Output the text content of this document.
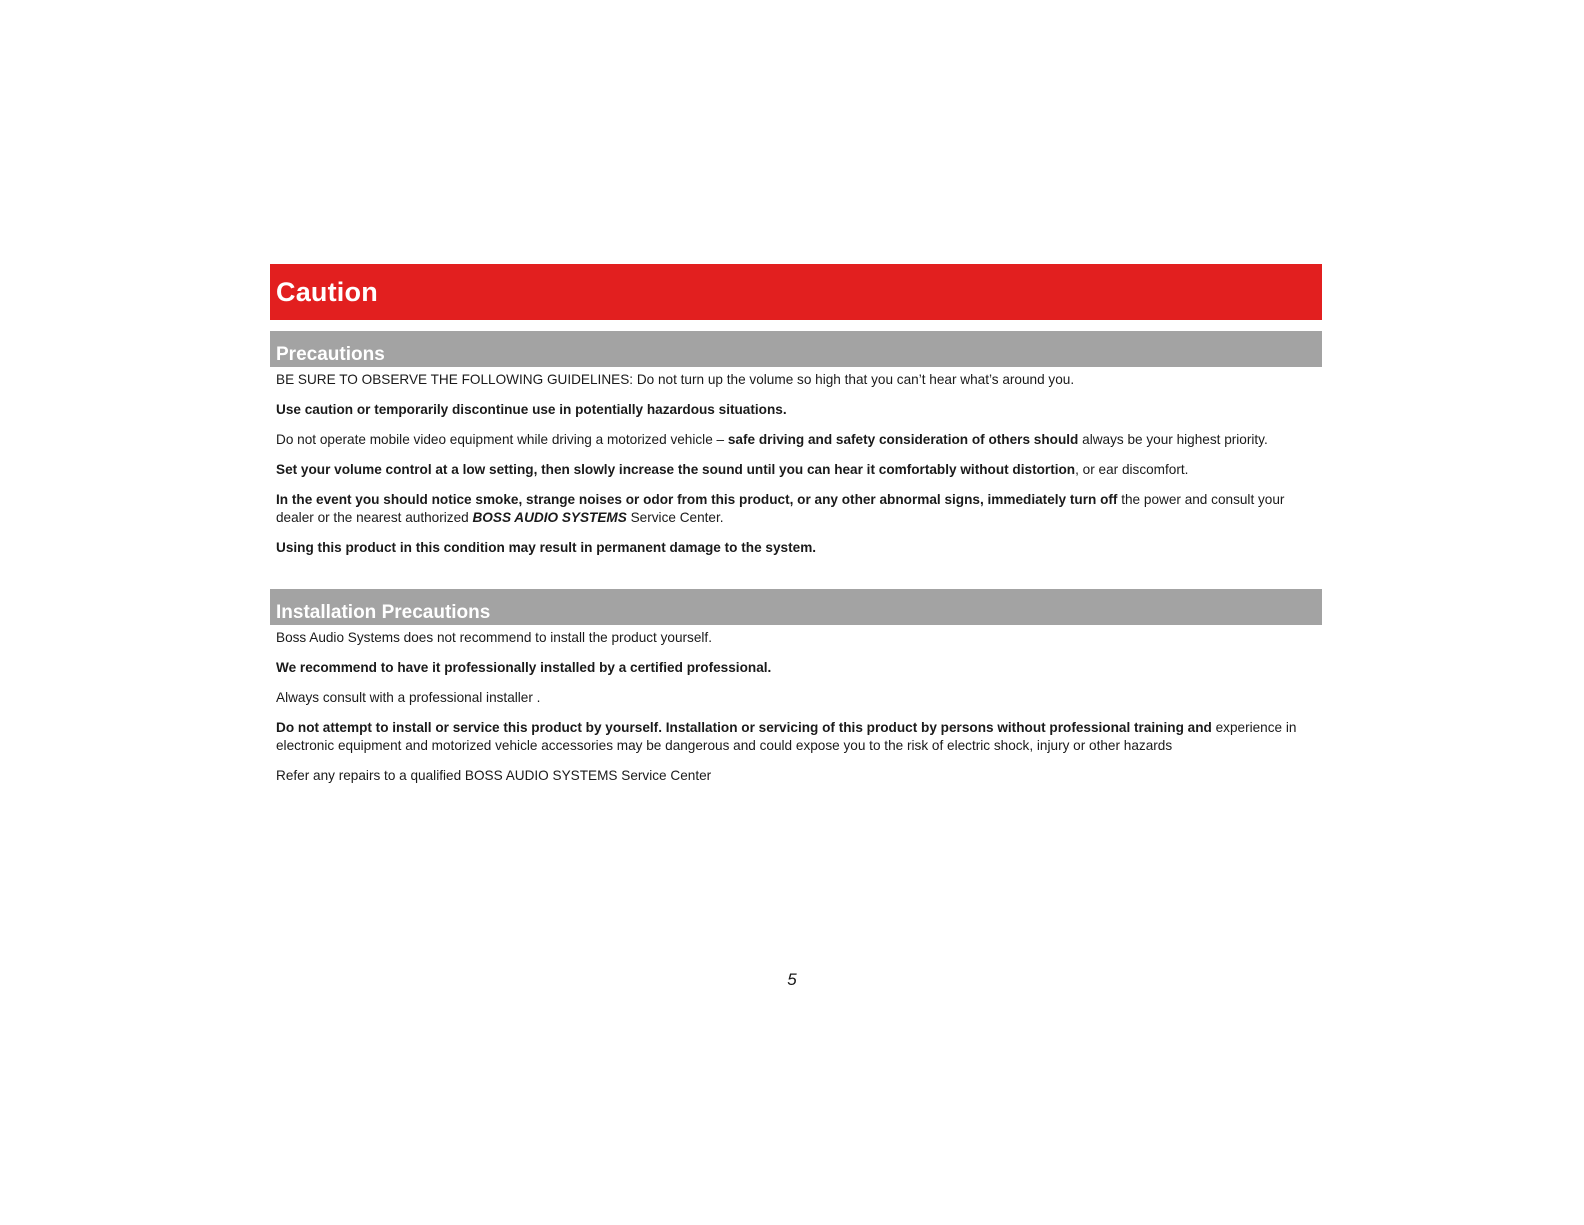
Caution
Precautions

BE SURE TO OBSERVE THE FOLLOWING GUIDELINES: Do not turn up the volume so high that you can’t hear what’s around you.

Use caution or temporarily discontinue use in potentially hazardous situations.

Do not operate mobile video equipment while driving a motorized vehicle – safe driving and safety consideration of others should always be your highest priority.

Set your volume control at a low setting, then slowly increase the sound until you can hear it comfortably without distortion, or ear discomfort.

In the event you should notice smoke, strange noises or odor from this product, or any other abnormal signs, immediately turn off the power and consult your dealer or the nearest authorized BOSS AUDIO SYSTEMS Service Center.

Using this product in this condition may result in permanent damage to the system.

Installation Precautions

Boss Audio Systems does not recommend to install the product yourself.

We recommend to have it professionally installed by a certified professional.

Always consult with a professional installer .

Do not attempt to install or service this product by yourself. Installation or servicing of this product by persons without professional training and experience in electronic equipment and motorized vehicle accessories may be dangerous and could expose you to the risk of electric shock, injury or other hazards

Refer any repairs to a qualified BOSS AUDIO SYSTEMS Service Center

5
